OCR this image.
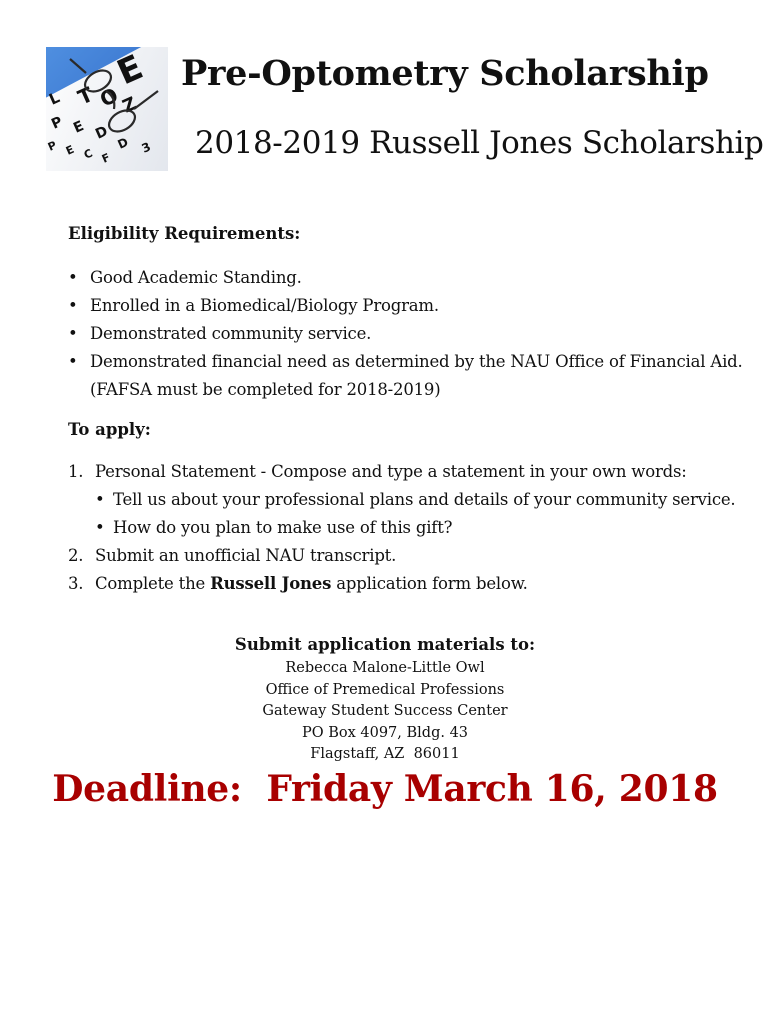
E
T O
Z
L
P E D
P E C F
D 3
Pre-Optometry Scholarship
2018-2019 Russell Jones Scholarship
Eligibility Requirements:
• Good Academic Standing.
• Enrolled in a Biomedical/Biology Program.
• Demonstrated community service.
• Demonstrated financial need as determined by the NAU Office of Financial Aid.
(FAFSA must be completed for 2018-2019)
To apply:
1. Personal Statement - Compose and type a statement in your own words:
• Tell us about your professional plans and details of your community service.
• How do you plan to make use of this gift?
2. Submit an unofficial NAU transcript.
3. Complete the Russell Jones application form below.
Submit application materials to:
Rebecca Malone-Little Owl
Office of Premedical Professions
Gateway Student Success Center
PO Box 4097, Bldg. 43
Flagstaff, AZ  86011
Deadline:  Friday March 16, 2018
